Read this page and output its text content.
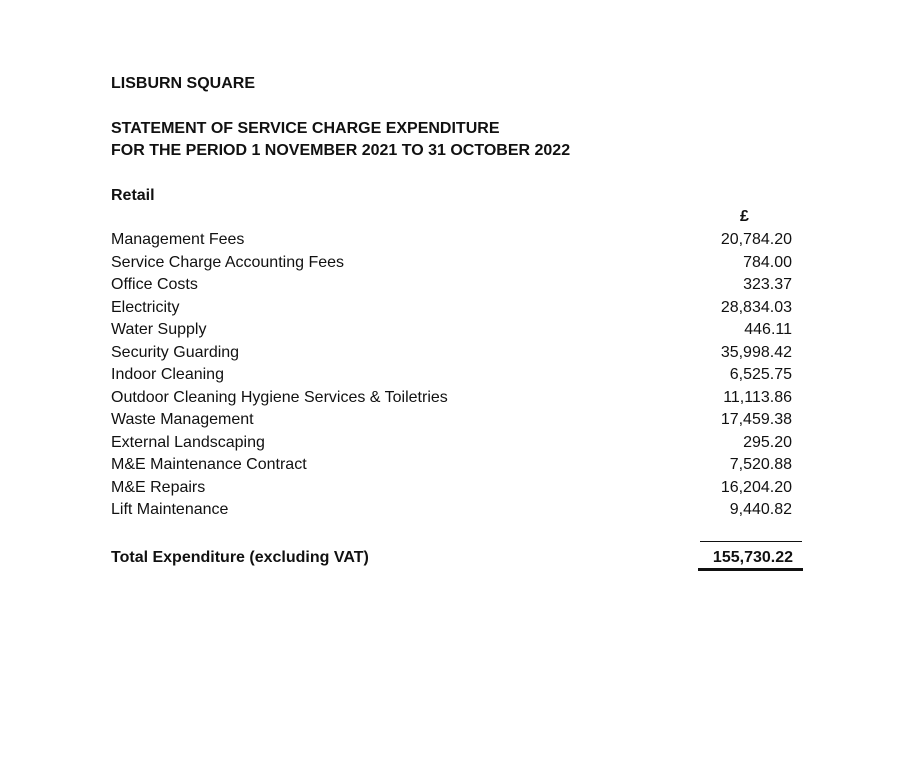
LISBURN SQUARE
STATEMENT OF SERVICE CHARGE EXPENDITURE
FOR THE PERIOD 1 NOVEMBER 2021 TO 31 OCTOBER 2022
Retail
£
Management Fees	20,784.20
Service Charge Accounting Fees	784.00
Office Costs	323.37
Electricity	28,834.03
Water Supply	446.11
Security Guarding	35,998.42
Indoor Cleaning	6,525.75
Outdoor Cleaning Hygiene Services & Toiletries	11,113.86
Waste Management	17,459.38
External Landscaping	295.20
M&E Maintenance Contract	7,520.88
M&E Repairs	16,204.20
Lift Maintenance	9,440.82
Total Expenditure (excluding VAT)	155,730.22
